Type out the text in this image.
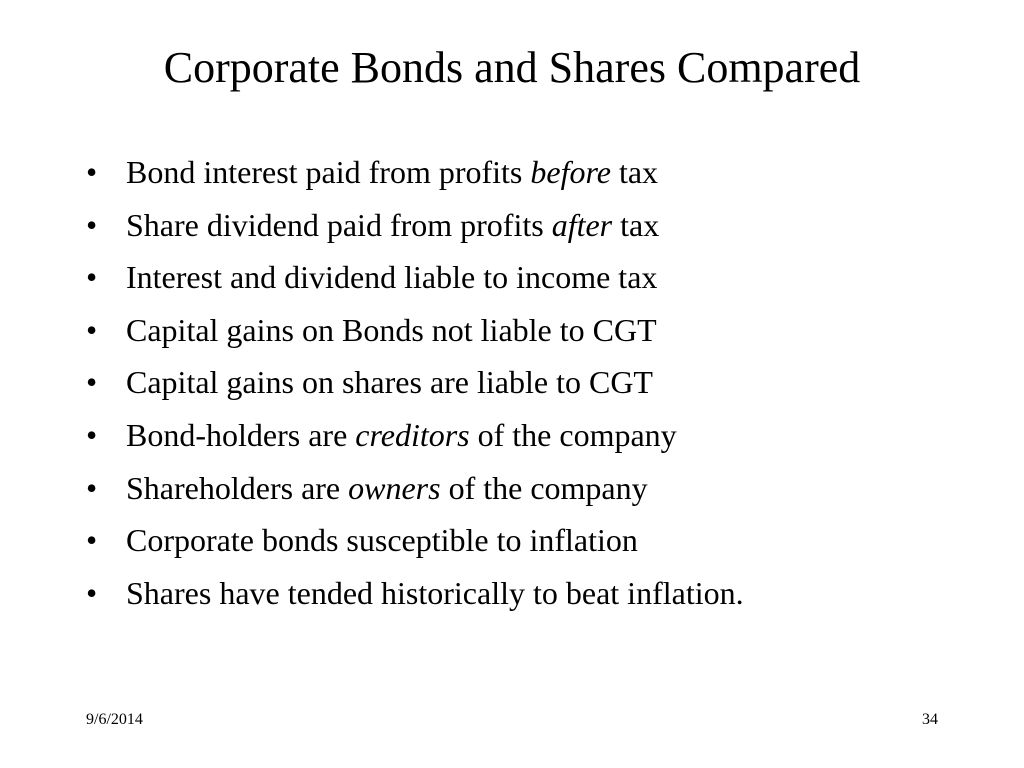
Corporate Bonds and Shares Compared
• Bond interest paid from profits before tax
• Share dividend paid from profits after tax
• Interest and dividend liable to income tax
• Capital gains on Bonds not liable to CGT
• Capital gains on shares are liable to CGT
• Bond-holders are creditors of the company
• Shareholders are owners of the company
• Corporate bonds susceptible to inflation
• Shares have tended historically to beat inflation.
9/6/2014	34
